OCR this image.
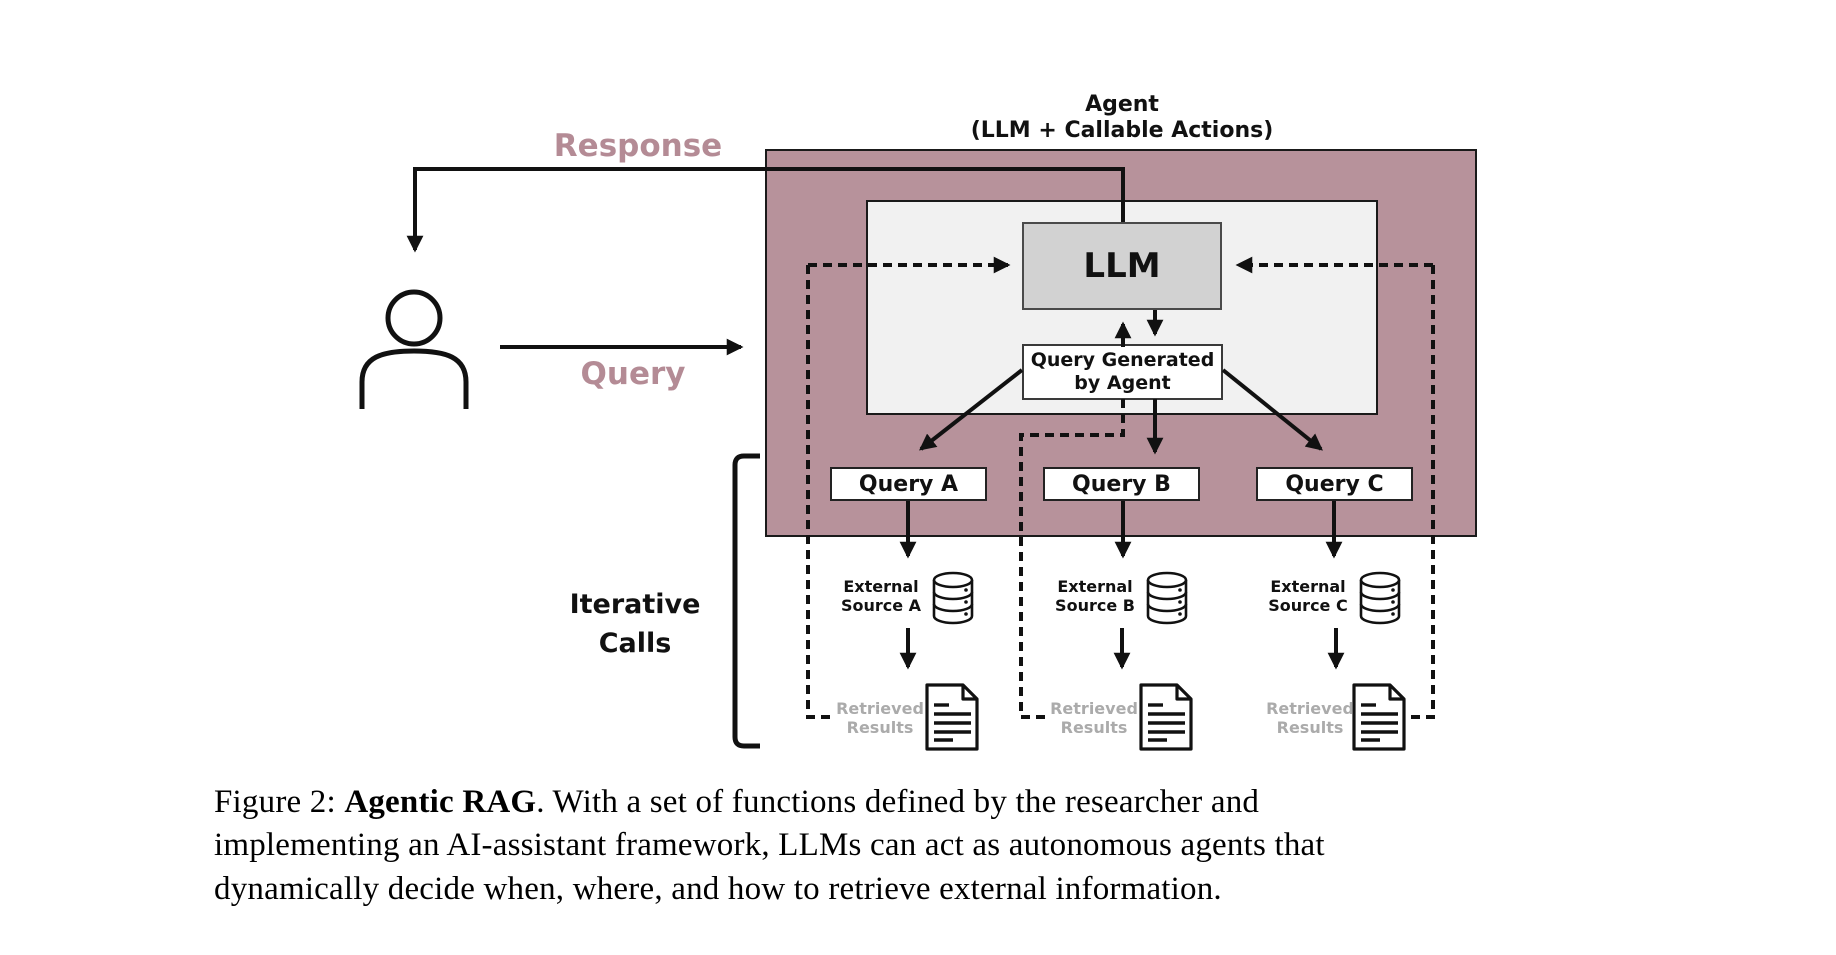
Agent
(LLM + Callable Actions)
LLM
Query Generated
by Agent
Query A	Query B	Query C
Response
Query
Iterative
Calls
External
Source A
External
Source B
External
Source C
Retrieved
Results
Retrieved
Results
Retrieved
Results
Figure 2: Agentic RAG. With a set of functions defined by the researcher and
implementing an AI-assistant framework, LLMs can act as autonomous agents that
dynamically decide when, where, and how to retrieve external information.
